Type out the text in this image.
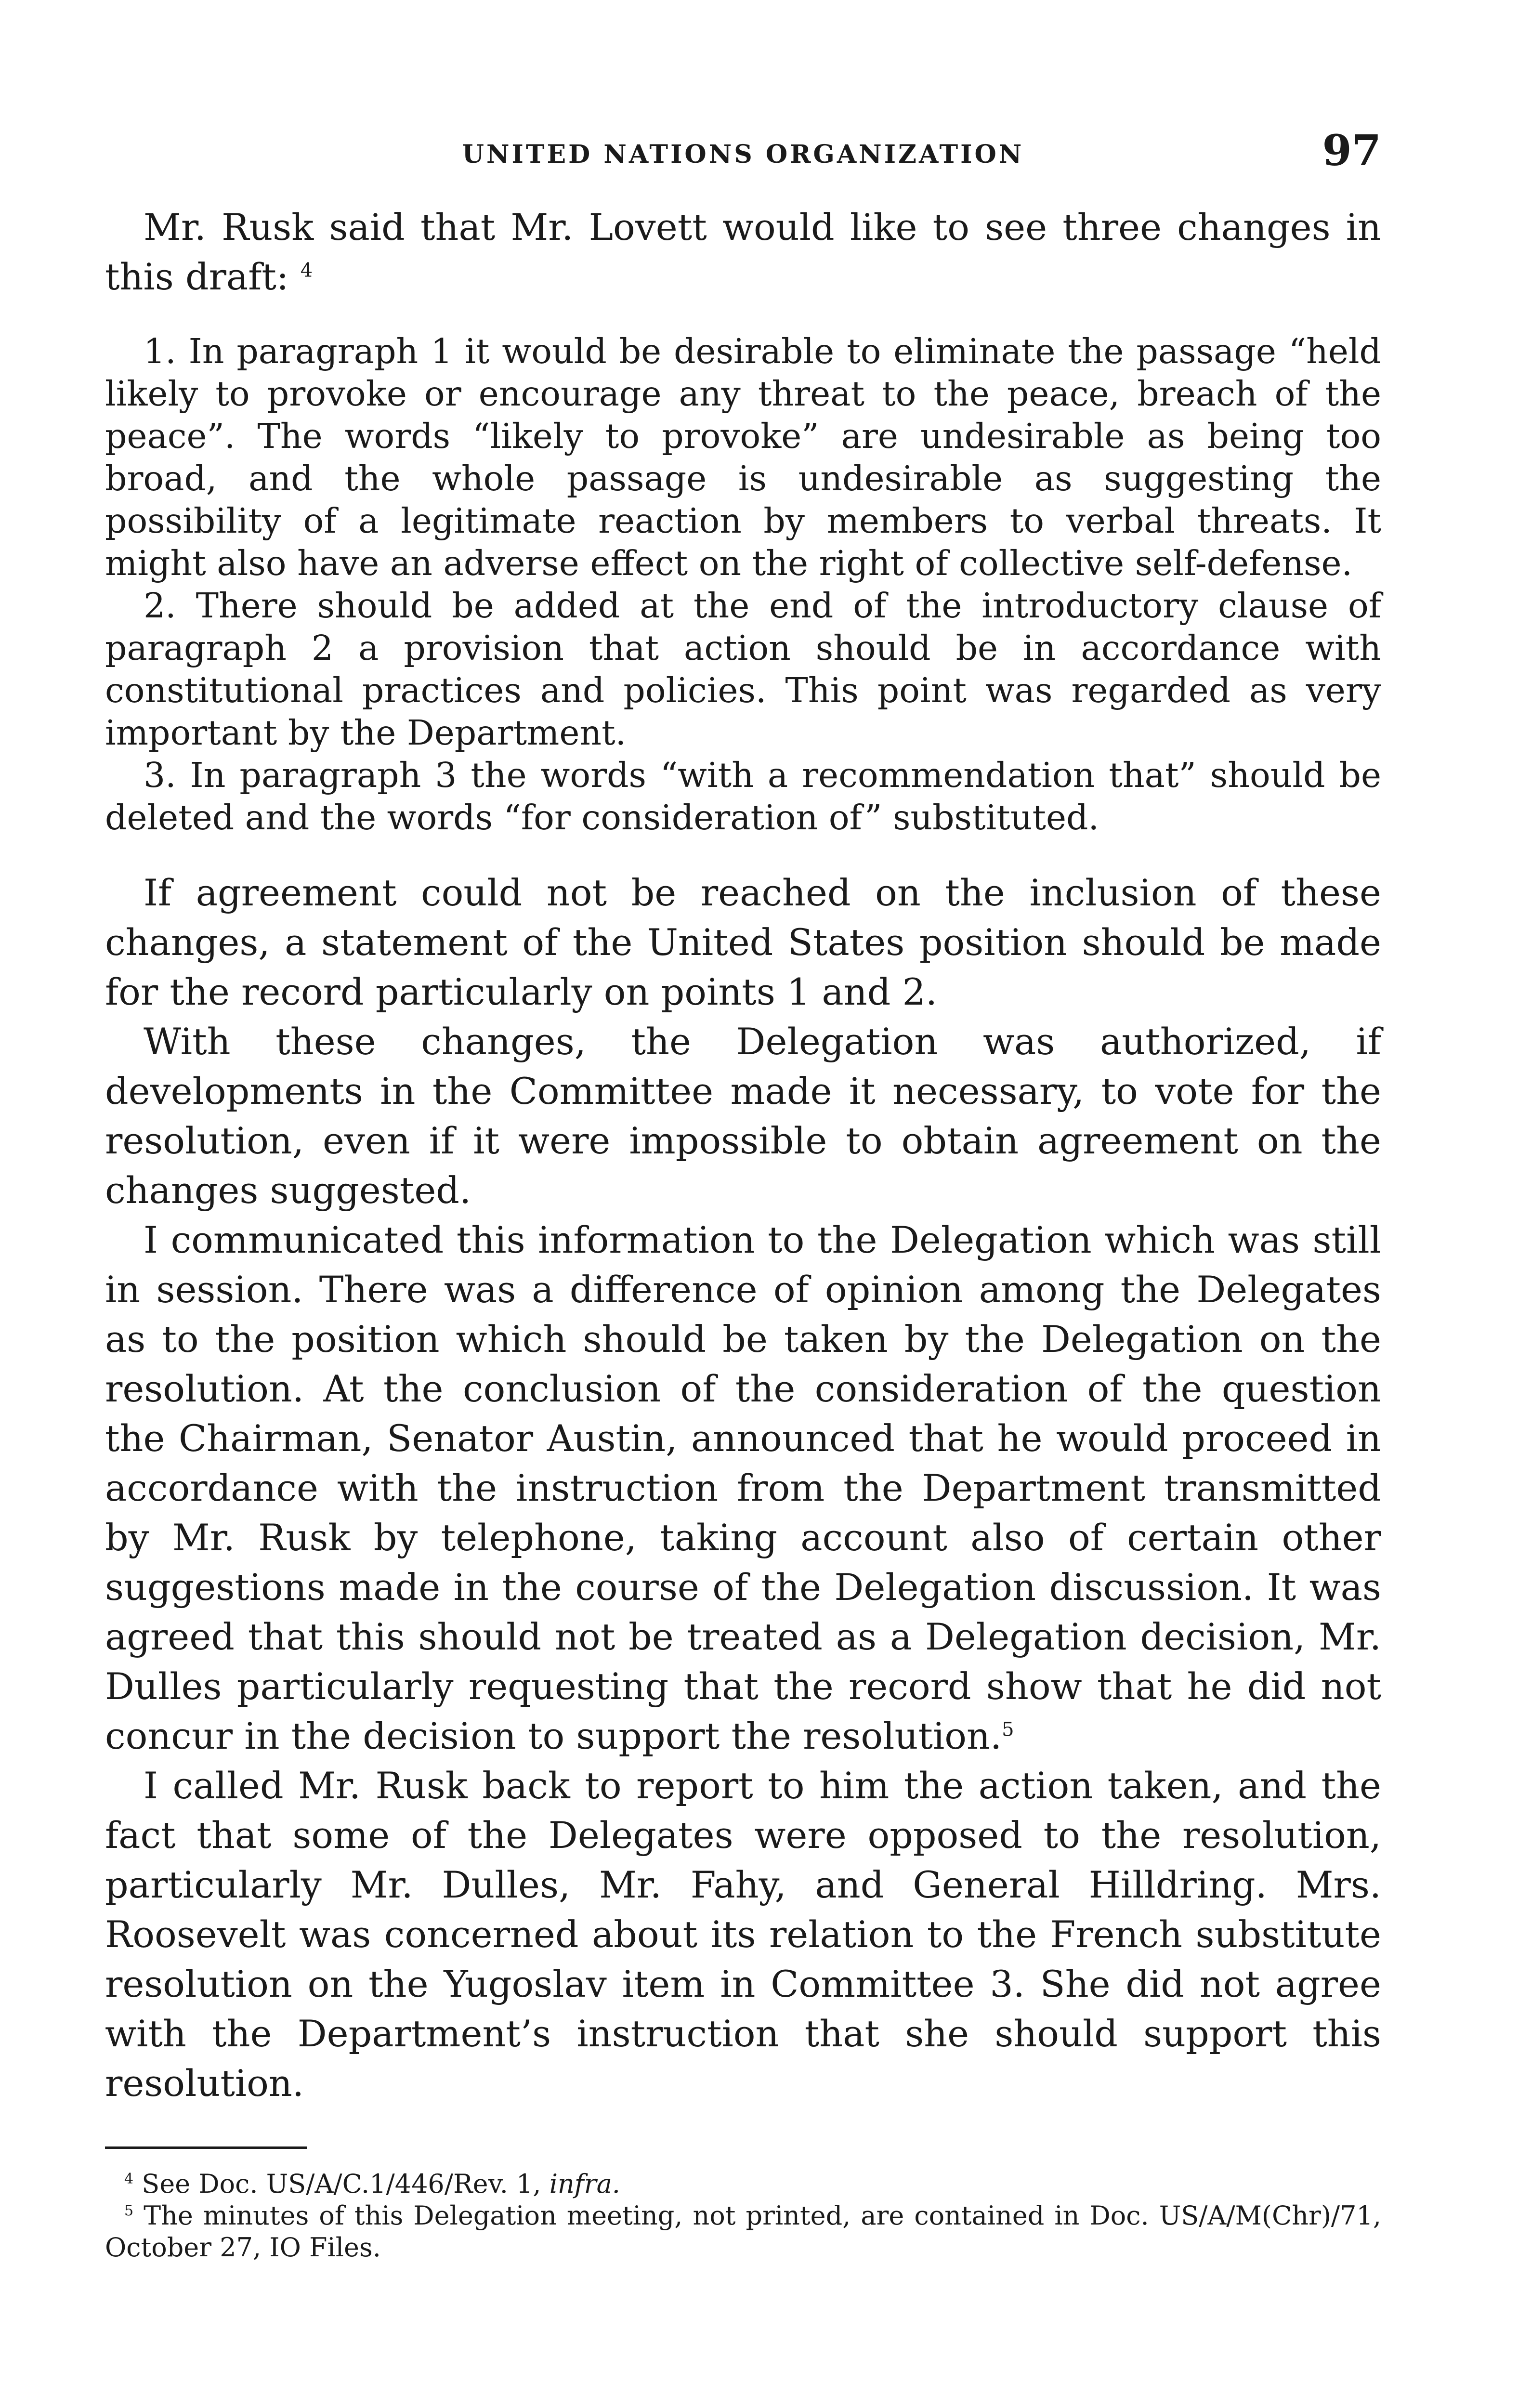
UNITED NATIONS ORGANIZATION	97

Mr. Rusk said that Mr. Lovett would like to see three changes in this draft: $^4$

1. In paragraph 1 it would be desirable to eliminate the passage “held likely to provoke or encourage any threat to the peace, breach of the peace”. The words “likely to provoke” are undesirable as being too broad, and the whole passage is undesirable as suggesting the possibility of a legitimate reaction by members to verbal threats. It might also have an adverse effect on the right of collective self-defense.

2. There should be added at the end of the introductory clause of paragraph 2 a provision that action should be in accordance with constitutional practices and policies. This point was regarded as very important by the Department.

3. In paragraph 3 the words “with a recommendation that” should be deleted and the words “for consideration of” substituted.

If agreement could not be reached on the inclusion of these changes, a statement of the United States position should be made for the record particularly on points 1 and 2.

With these changes, the Delegation was authorized, if developments in the Committee made it necessary, to vote for the resolution, even if it were impossible to obtain agreement on the changes suggested.

I communicated this information to the Delegation which was still in session. There was a difference of opinion among the Delegates as to the position which should be taken by the Delegation on the resolution. At the conclusion of the consideration of the question the Chairman, Senator Austin, announced that he would proceed in accordance with the instruction from the Department transmitted by Mr. Rusk by telephone, taking account also of certain other suggestions made in the course of the Delegation discussion. It was agreed that this should not be treated as a Delegation decision, Mr. Dulles particularly requesting that the record show that he did not concur in the decision to support the resolution.$^5$

I called Mr. Rusk back to report to him the action taken, and the fact that some of the Delegates were opposed to the resolution, particularly Mr. Dulles, Mr. Fahy, and General Hilldring. Mrs. Roosevelt was concerned about its relation to the French substitute resolution on the Yugoslav item in Committee 3. She did not agree with the Department’s instruction that she should support this resolution.

$^4$ See Doc. US/A/C.1/446/Rev. 1, infra.

$^5$ The minutes of this Delegation meeting, not printed, are contained in Doc. US/A/M(Chr)/71, October 27, IO Files.
